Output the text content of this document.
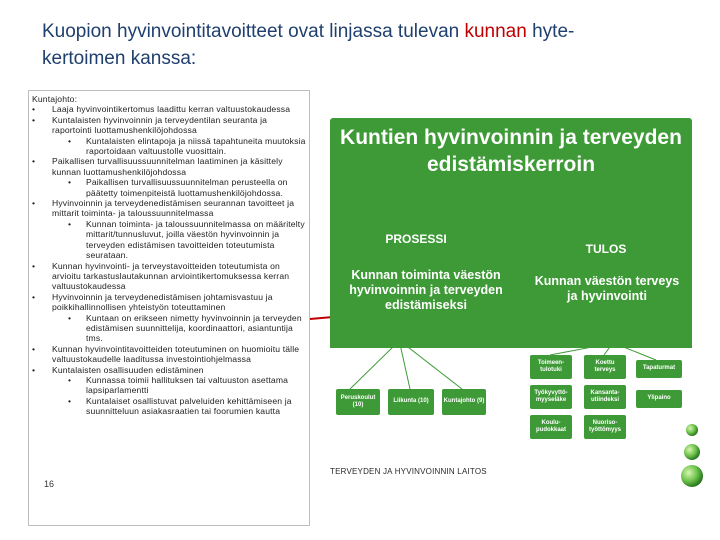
Kuopion hyvinvointitavoitteet ovat linjassa tulevan kunnan hyte-
kertoimen kanssa:

Kuntajohto:

• Laaja hyvinvointikertomus laadittu kerran valtuustokaudessa

• Kuntalaisten hyvinvoinnin ja terveydentilan seuranta ja raportointi luottamushenkilöjohdossa

• Kuntalaisten elintapoja ja niissä tapahtuneita muutoksia raportoidaan valtuustolle vuosittain.

• Paikallisen turvallisuussuunnitelman laatiminen ja käsittely kunnan luottamushenkilöjohdossa

• Paikallisen turvallisuussuunnitelman perusteella on päätetty toimenpiteistä luottamushenkilöjohdossa.

• Hyvinvoinnin ja terveydenedistämisen seurannan tavoitteet ja mittarit toiminta- ja taloussuunnitelmassa

• Kunnan toiminta- ja taloussuunnitelmassa on määritelty mittarit/tunnusluvut, joilla väestön hyvinvoinnin ja terveyden edistämisen tavoitteiden toteutumista seurataan.

• Kunnan hyvinvointi- ja terveystavoitteiden toteutumista on arvioitu tarkastuslautakunnan arviointikertomuksessa kerran valtuustokaudessa

• Hyvinvoinnin ja terveydenedistämisen johtamisvastuu ja poikkihallinnollisen yhteistyön toteuttaminen

• Kuntaan on erikseen nimetty hyvinvoinnin ja terveyden edistämisen suunnittelija, koordinaattori, asiantuntija tms.

• Kunnan hyvinvointitavoitteiden toteutuminen on huomioitu tälle valtuustokaudelle laaditussa investointiohjelmassa

• Kuntalaisten osallisuuden edistäminen

• Kunnassa toimii hallituksen tai valtuuston asettama lapsiparlamentti

• Kuntalaiset osallistuvat palveluiden kehittämiseen ja suunnitteluun asiakasraatien tai foorumien kautta

16
Kuntien hyvinvoinnin ja terveyden edistämiskerroin
PROSESSI
TULOS
Kunnan toiminta väestön hyvinvoinnin ja terveyden edistämiseksi
Kunnan väestön terveys ja hyvinvointi
Peruskoulut (10)
Liikunta (10)	Kuntajohto (9)
Toimeen-tulotuki
Koettu terveys	Tapaturmat
Työkyvyttö-myyseläke
Kansanta-utiindeksi	Ylipaino
Koulu-pudokkaat
Nuoriso-työttömyys
TERVEYDEN JA HYVINVOINNIN LAITOS
